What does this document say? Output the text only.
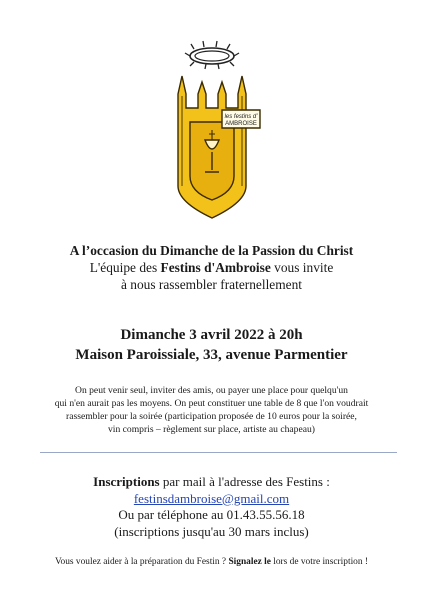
les festins d'
AMBROISE
A l’occasion du Dimanche de la Passion du Christ
L'équipe des Festins d'Ambroise vous invite
à nous rassembler fraternellement
Dimanche 3 avril 2022 à 20h
Maison Paroissiale, 33, avenue Parmentier
On peut venir seul, inviter des amis, ou payer une place pour quelqu'un
qui n'en aurait pas les moyens. On peut constituer une table de 8 que l'on voudrait
rassembler pour la soirée (participation proposée de 10 euros pour la soirée,
vin compris – règlement sur place, artiste au chapeau)
Inscriptions par mail à l'adresse des Festins :
festinsdambroise@gmail.com
Ou par téléphone au 01.43.55.56.18
(inscriptions jusqu'au 30 mars inclus)
Vous voulez aider à la préparation du Festin ? Signalez le lors de votre inscription !
